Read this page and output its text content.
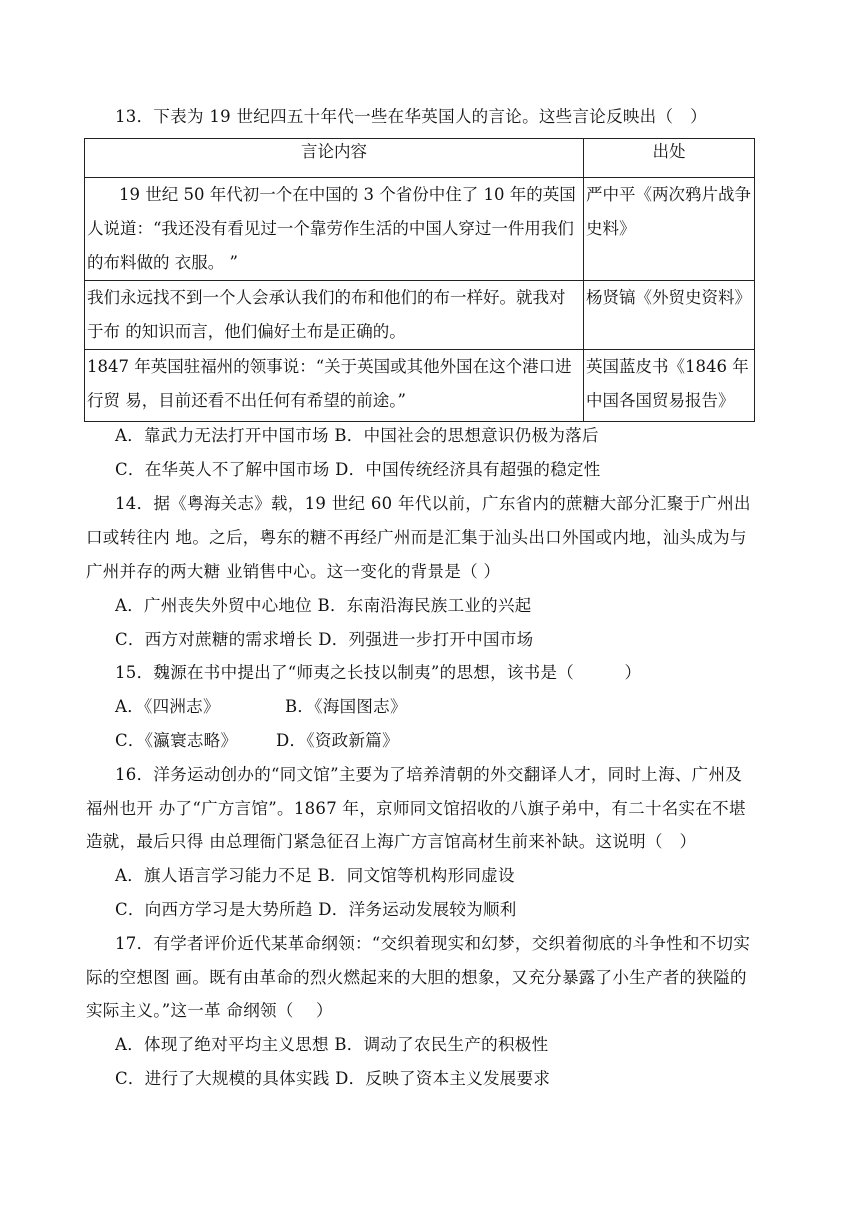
13．下表为 19 世纪四五十年代一些在华英国人的言论。这些言论反映出（　）
言论内容	出处

19 世纪 50 年代初一个在中国的 3 个省份中住了 10 年的英国人说道：“我还没有看见过一个靠劳作生活的中国人穿过一件用我们的布料做的 衣服。 ”	严中平《两次鸦片战争史料》

我们永远找不到一个人会承认我们的布和他们的布一样好。就我对于布 的知识而言，他们偏好土布是正确的。	杨贤镐《外贸史资料》

1847 年英国驻福州的领事说：“关于英国或其他外国在这个港口进行贸 易，目前还看不出任何有希望的前途。”	英国蓝皮书《1846 年中国各国贸易报告》
A．靠武力无法打开中国市场 B．中国社会的思想意识仍极为落后
C．在华英人不了解中国市场 D．中国传统经济具有超强的稳定性
14．据《粤海关志》载，19 世纪 60 年代以前，广东省内的蔗糖大部分汇聚于广州出
口或转往内 地。之后，粤东的糖不再经广州而是汇集于汕头出口外国或内地，汕头成为与
广州并存的两大糖 业销售中心。这一变化的背景是（ ）
A．广州丧失外贸中心地位 B．东南沿海民族工业的兴起
C．西方对蔗糖的需求增长 D．列强进一步打开中国市场
15．魏源在书中提出了“师夷之长技以制夷”的思想，该书是（　　　）
A．《四洲志》	B．《海国图志》
C．《瀛寰志略》 D．《资政新篇》
16．洋务运动创办的“同文馆”主要为了培养清朝的外交翻译人才，同时上海、广州及
福州也开 办了“广方言馆”。1867 年，京师同文馆招收的八旗子弟中，有二十名实在不堪
造就，最后只得 由总理衙门紧急征召上海广方言馆高材生前来补缺。这说明（　）
A．旗人语言学习能力不足 B．同文馆等机构形同虚设
C．向西方学习是大势所趋 D．洋务运动发展较为顺利
17．有学者评价近代某革命纲领：“交织着现实和幻梦，交织着彻底的斗争性和不切实
际的空想图 画。既有由革命的烈火燃起来的大胆的想象，又充分暴露了小生产者的狭隘的
实际主义。”这一革 命纲领（　 ）
A．体现了绝对平均主义思想 B．调动了农民生产的积极性
C．进行了大规模的具体实践 D．反映了资本主义发展要求
